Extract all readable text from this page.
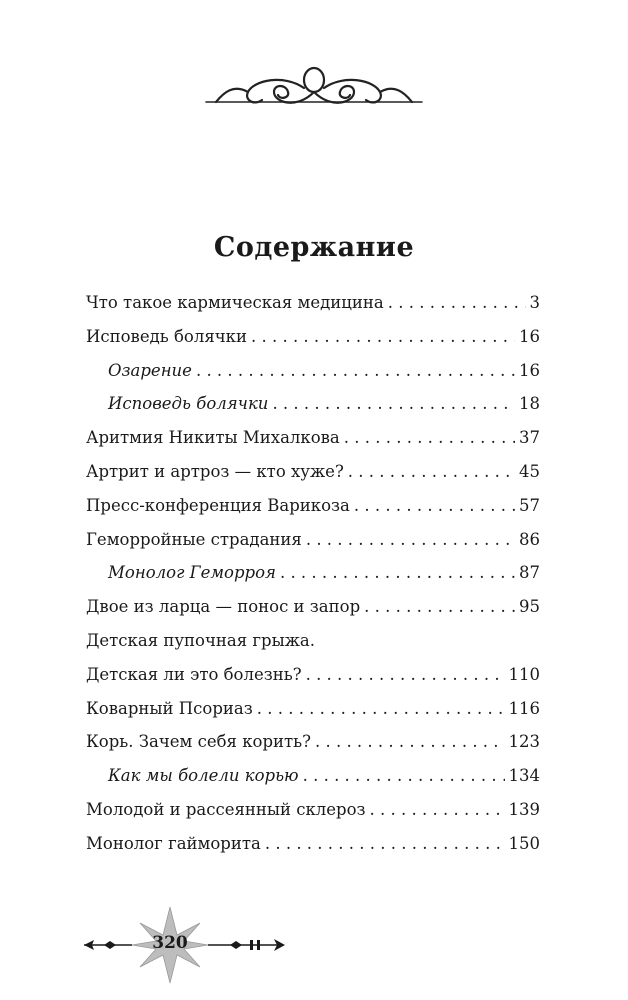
Содержание
Что такое кармическая медицина . . .	3
Исповедь болячки . . .	16
Озарение . . .	16
Исповедь болячки . . .	18
Аритмия Никиты Михалкова . . .	37
Артрит и артроз — кто хуже? . . .	45
Пресс-конференция Варикоза . . .	57
Геморройные страдания . . .	86
Монолог Геморроя . . .	87
Двое из ларца — понос и запор . . .	95
Детская пупочная грыжа.
Детская ли это болезнь? . . .	110
Коварный Псориаз . . .	116
Корь. Зачем себя корить? . . .	123
Как мы болели корью . . .	134
Молодой и рассеянный склероз . . .	139
Монолог гайморита . . .	150
320
